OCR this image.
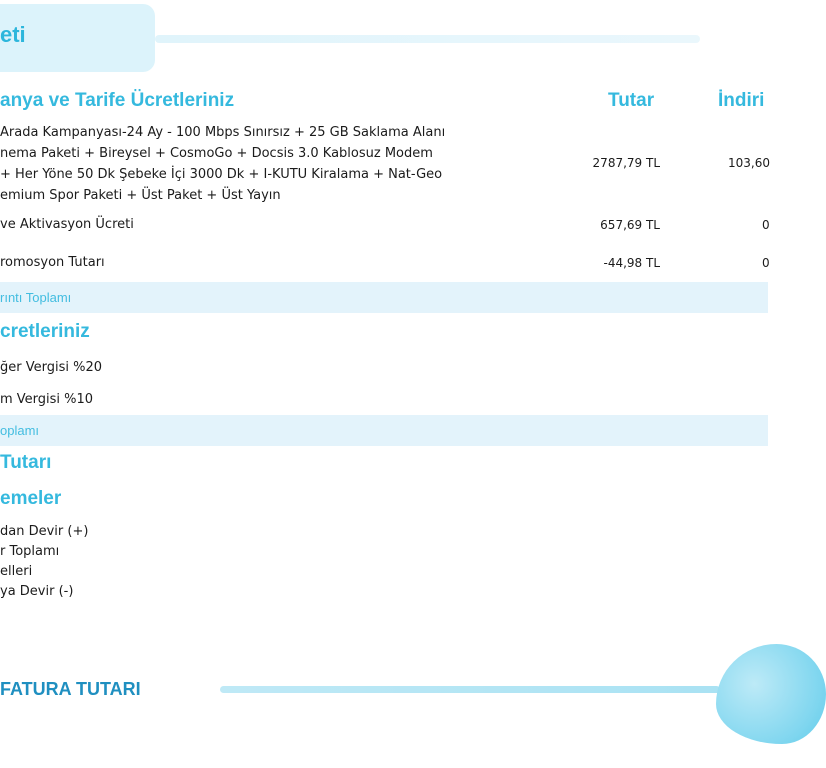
eti
anya ve Tarife Ücretleriniz	Tutar	İndiri
Arada Kampanyası-24 Ay - 100 Mbps Sınırsız + 25 GB Saklama Alanı
nema Paketi + Bireysel + CosmoGo + Docsis 3.0 Kablosuz Modem
+ Her Yöne 50 Dk Şebeke İçi 3000 Dk + I-KUTU Kiralama + Nat-Geo
emium Spor Paketi + Üst Paket + Üst Yayın
2787,79 TL	103,60
ve Aktivasyon Ücreti	657,69 TL	0
romosyon Tutarı	-44,98 TL	0
rıntı Toplamı
cretleriniz
ğer Vergisi %20
m Vergisi %10
oplamı
Tutarı
emeler
dan Devir (+)
r Toplamı
elleri
ya Devir (-)
FATURA TUTARI
